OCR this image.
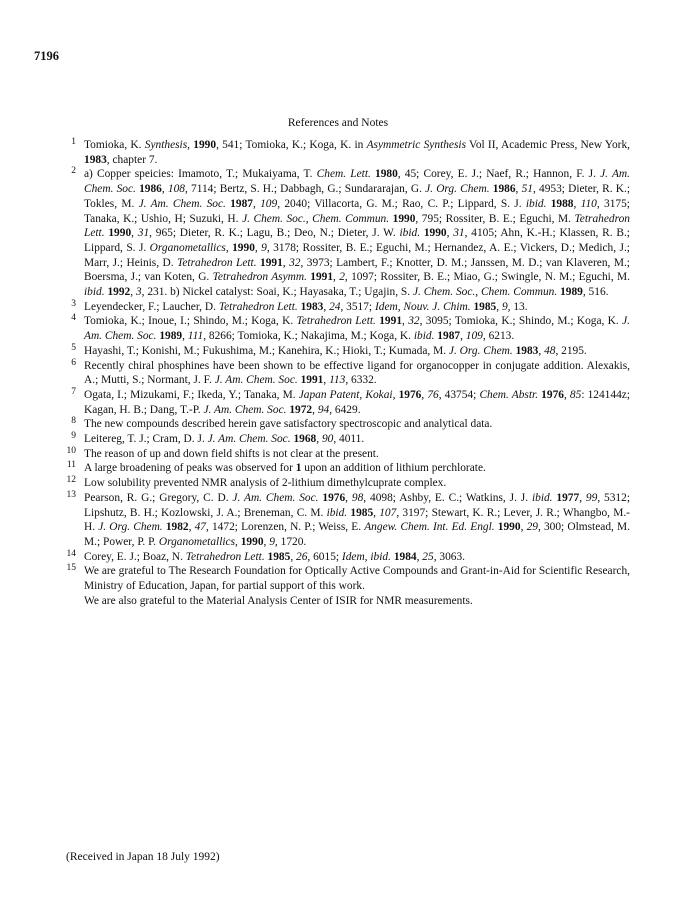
7196
References and Notes
1 Tomioka, K. Synthesis, 1990, 541; Tomioka, K.; Koga, K. in Asymmetric Synthesis Vol II, Academic Press, New York, 1983, chapter 7.
2 a) Copper speicies: Imamoto, T.; Mukaiyama, T. Chem. Lett. 1980, 45; Corey, E. J.; Naef, R.; Hannon, F. J. J. Am. Chem. Soc. 1986, 108, 7114; Bertz, S. H.; Dabbagh, G.; Sundararajan, G. J. Org. Chem. 1986, 51, 4953; Dieter, R. K.; Tokles, M. J. Am. Chem. Soc. 1987, 109, 2040; Villacorta, G. M.; Rao, C. P.; Lippard, S. J. ibid. 1988, 110, 3175; Tanaka, K.; Ushio, H; Suzuki, H. J. Chem. Soc., Chem. Commun. 1990, 795; Rossiter, B. E.; Eguchi, M. Tetrahedron Lett. 1990, 31, 965; Dieter, R. K.; Lagu, B.; Deo, N.; Dieter, J. W. ibid. 1990, 31, 4105; Ahn, K.-H.; Klassen, R. B.; Lippard, S. J. Organometallics, 1990, 9, 3178; Rossiter, B. E.; Eguchi, M.; Hernandez, A. E.; Vickers, D.; Medich, J.; Marr, J.; Heinis, D. Tetrahedron Lett. 1991, 32, 3973; Lambert, F.; Knotter, D. M.; Janssen, M. D.; van Klaveren, M.; Boersma, J.; van Koten, G. Tetrahedron Asymm. 1991, 2, 1097; Rossiter, B. E.; Miao, G.; Swingle, N. M.; Eguchi, M. ibid. 1992, 3, 231. b) Nickel catalyst: Soai, K.; Hayasaka, T.; Ugajin, S. J. Chem. Soc., Chem. Commun. 1989, 516.
3 Leyendecker, F.; Laucher, D. Tetrahedron Lett. 1983, 24, 3517; Idem, Nouv. J. Chim. 1985, 9, 13.
4 Tomioka, K.; Inoue, I.; Shindo, M.; Koga, K. Tetrahedron Lett. 1991, 32, 3095; Tomioka, K.; Shindo, M.; Koga, K. J. Am. Chem. Soc. 1989, 111, 8266; Tomioka, K.; Nakajima, M.; Koga, K. ibid. 1987, 109, 6213.
5 Hayashi, T.; Konishi, M.; Fukushima, M.; Kanehira, K.; Hioki, T.; Kumada, M. J. Org. Chem. 1983, 48, 2195.
6 Recently chiral phosphines have been shown to be effective ligand for organocopper in conjugate addition. Alexakis, A.; Mutti, S.; Normant, J. F. J. Am. Chem. Soc. 1991, 113, 6332.
7 Ogata, I.; Mizukami, F.; Ikeda, Y.; Tanaka, M. Japan Patent, Kokai, 1976, 76, 43754; Chem. Abstr. 1976, 85: 124144z; Kagan, H. B.; Dang, T.-P. J. Am. Chem. Soc. 1972, 94, 6429.
8 The new compounds described herein gave satisfactory spectroscopic and analytical data.
9 Leitereg, T. J.; Cram, D. J. J. Am. Chem. Soc. 1968, 90, 4011.
10 The reason of up and down field shifts is not clear at the present.
11 A large broadening of peaks was observed for 1 upon an addition of lithium perchlorate.
12 Low solubility prevented NMR analysis of 2-lithium dimethylcuprate complex.
13 Pearson, R. G.; Gregory, C. D. J. Am. Chem. Soc. 1976, 98, 4098; Ashby, E. C.; Watkins, J. J. ibid. 1977, 99, 5312; Lipshutz, B. H.; Kozlowski, J. A.; Breneman, C. M. ibid. 1985, 107, 3197; Stewart, K. R.; Lever, J. R.; Whangbo, M.-H. J. Org. Chem. 1982, 47, 1472; Lorenzen, N. P.; Weiss, E. Angew. Chem. Int. Ed. Engl. 1990, 29, 300; Olmstead, M. M.; Power, P. P. Organometallics, 1990, 9, 1720.
14 Corey, E. J.; Boaz, N. Tetrahedron Lett. 1985, 26, 6015; Idem, ibid. 1984, 25, 3063.
15 We are grateful to The Research Foundation for Optically Active Compounds and Grant-in-Aid for Scientific Research, Ministry of Education, Japan, for partial support of this work.
We are also grateful to the Material Analysis Center of ISIR for NMR measurements.
(Received in Japan 18 July 1992)
